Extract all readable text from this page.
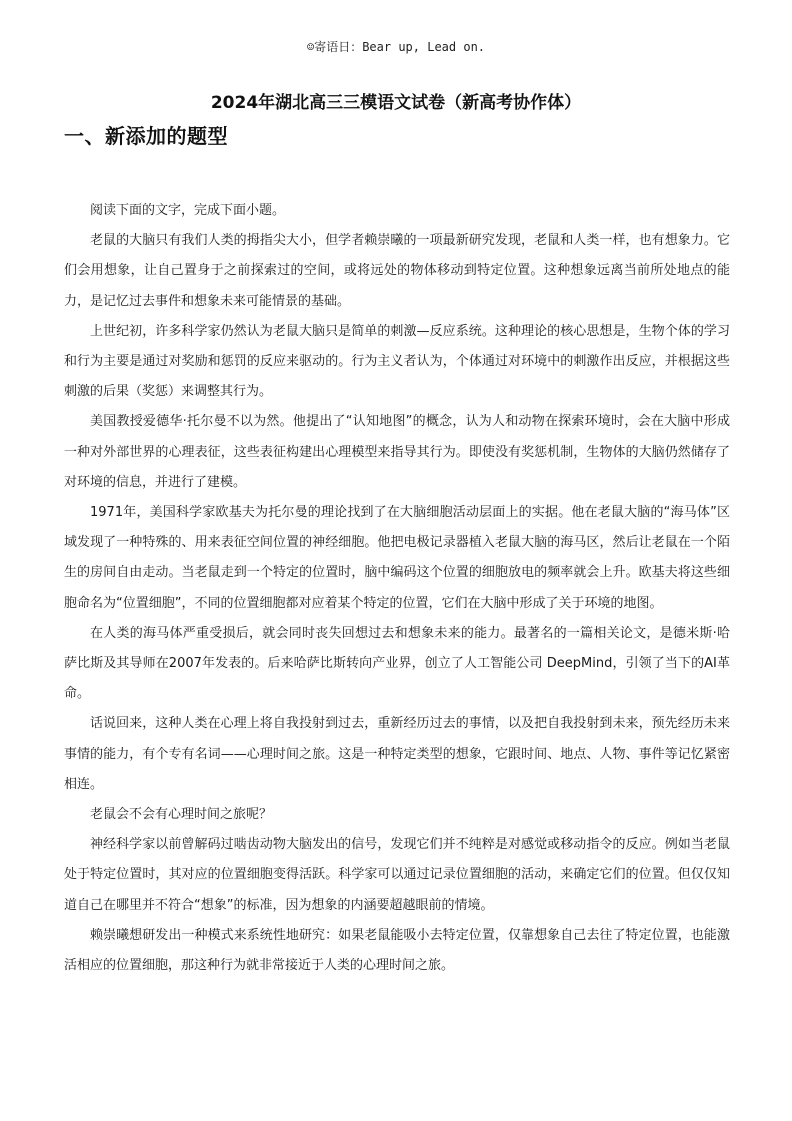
☺寄语日：Bear up, Lead on.
2024年湖北高三三模语文试卷（新高考协作体）
一、新添加的题型

阅读下面的文字，完成下面小题。

老鼠的大脑只有我们人类的拇指尖大小，但学者赖崇曦的一项最新研究发现，老鼠和人类一样，也有想象力。它们会用想象，让自己置身于之前探索过的空间，或将远处的物体移动到特定位置。这种想象远离当前所处地点的能力，是记忆过去事件和想象未来可能情景的基础。

上世纪初，许多科学家仍然认为老鼠大脑只是简单的刺激—反应系统。这种理论的核心思想是，生物个体的学习和行为主要是通过对奖励和惩罚的反应来驱动的。行为主义者认为，个体通过对环境中的刺激作出反应，并根据这些刺激的后果（奖惩）来调整其行为。

美国教授爱德华·托尔曼不以为然。他提出了“认知地图”的概念，认为人和动物在探索环境时，会在大脑中形成一种对外部世界的心理表征，这些表征构建出心理模型来指导其行为。即使没有奖惩机制，生物体的大脑仍然储存了对环境的信息，并进行了建模。

1971年，美国科学家欧基夫为托尔曼的理论找到了在大脑细胞活动层面上的实据。他在老鼠大脑的“海马体”区域发现了一种特殊的、用来表征空间位置的神经细胞。他把电极记录器植入老鼠大脑的海马区，然后让老鼠在一个陌生的房间自由走动。当老鼠走到一个特定的位置时，脑中编码这个位置的细胞放电的频率就会上升。欧基夫将这些细胞命名为“位置细胞”，不同的位置细胞都对应着某个特定的位置，它们在大脑中形成了关于环境的地图。

在人类的海马体严重受损后，就会同时丧失回想过去和想象未来的能力。最著名的一篇相关论文，是德米斯·哈萨比斯及其导师在2007年发表的。后来哈萨比斯转向产业界，创立了人工智能公司 DeepMind，引领了当下的AI革命。

话说回来，这种人类在心理上将自我投射到过去，重新经历过去的事情，以及把自我投射到未来，预先经历未来事情的能力，有个专有名词——心理时间之旅。这是一种特定类型的想象，它跟时间、地点、人物、事件等记忆紧密相连。

老鼠会不会有心理时间之旅呢？

神经科学家以前曾解码过啮齿动物大脑发出的信号，发现它们并不纯粹是对感觉或移动指令的反应。例如当老鼠处于特定位置时，其对应的位置细胞变得活跃。科学家可以通过记录位置细胞的活动，来确定它们的位置。但仅仅知道自己在哪里并不符合“想象”的标准，因为想象的内涵要超越眼前的情境。

赖崇曦想研发出一种模式来系统性地研究：如果老鼠能吸小去特定位置，仅靠想象自己去往了特定位置，也能激活相应的位置细胞，那这种行为就非常接近于人类的心理时间之旅。
